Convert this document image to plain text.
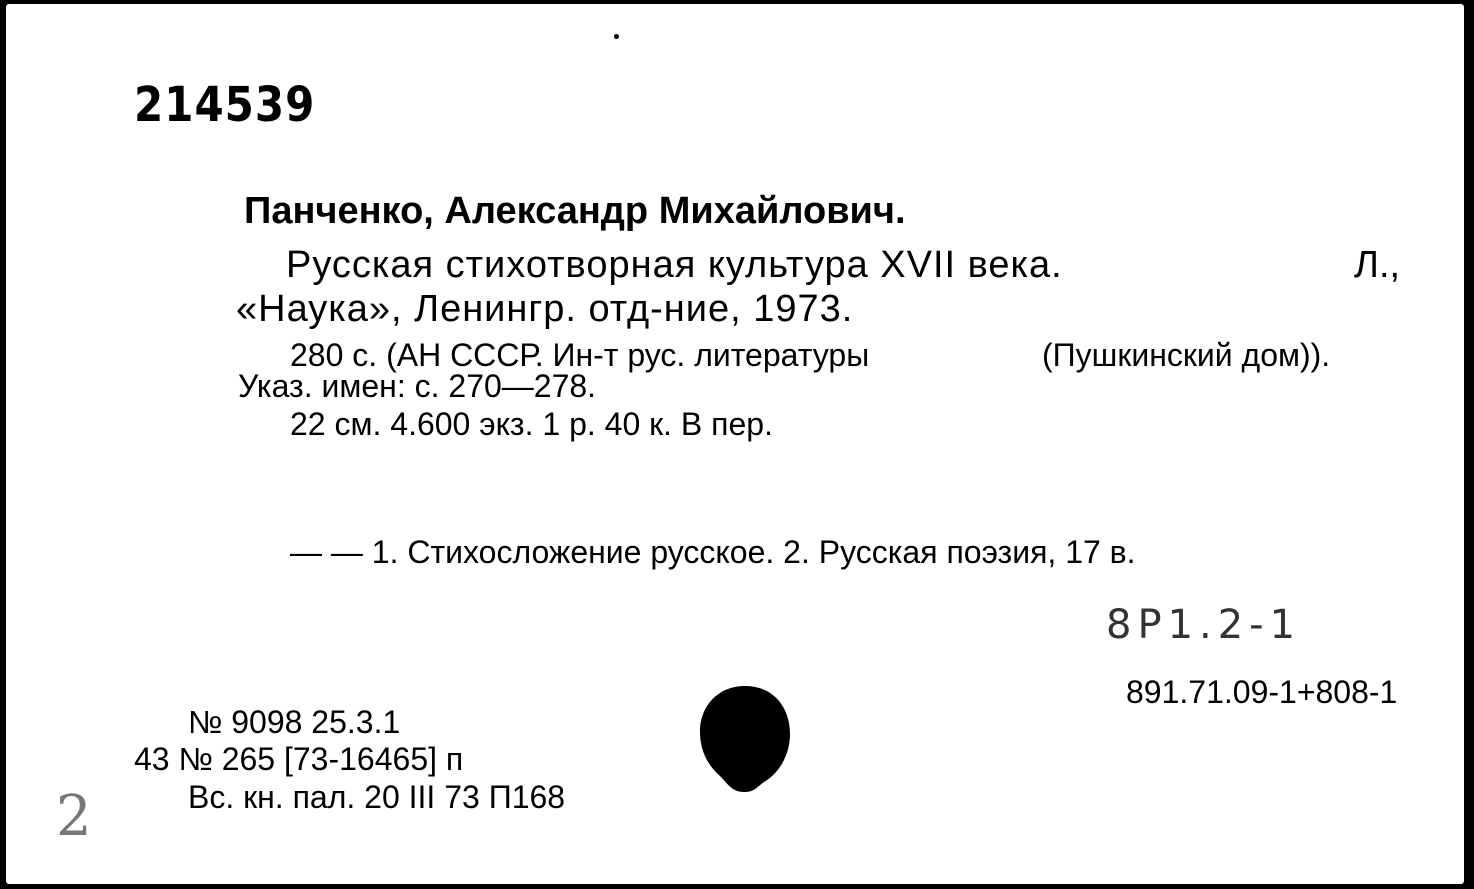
214539
Панченко, Александр Михайлович.
Русская стихотворная культура XVII века.	Л.,
«Наука», Ленингр. отд-ние, 1973.
280 с. (АН СССР. Ин-т рус. литературы	(Пушкинский дом)).
Указ. имен: с. 270—278.
22 см. 4.600 экз. 1 р. 40 к. В пер.
— — 1. Стихосложение русское. 2. Русская поэзия, 17 в.
8Р1.2-1
891.71.09-1+808-1
№ 9098 25.3.1
43 № 265 [73-16465] п
Вс. кн. пал. 20 III 73 П168
2
